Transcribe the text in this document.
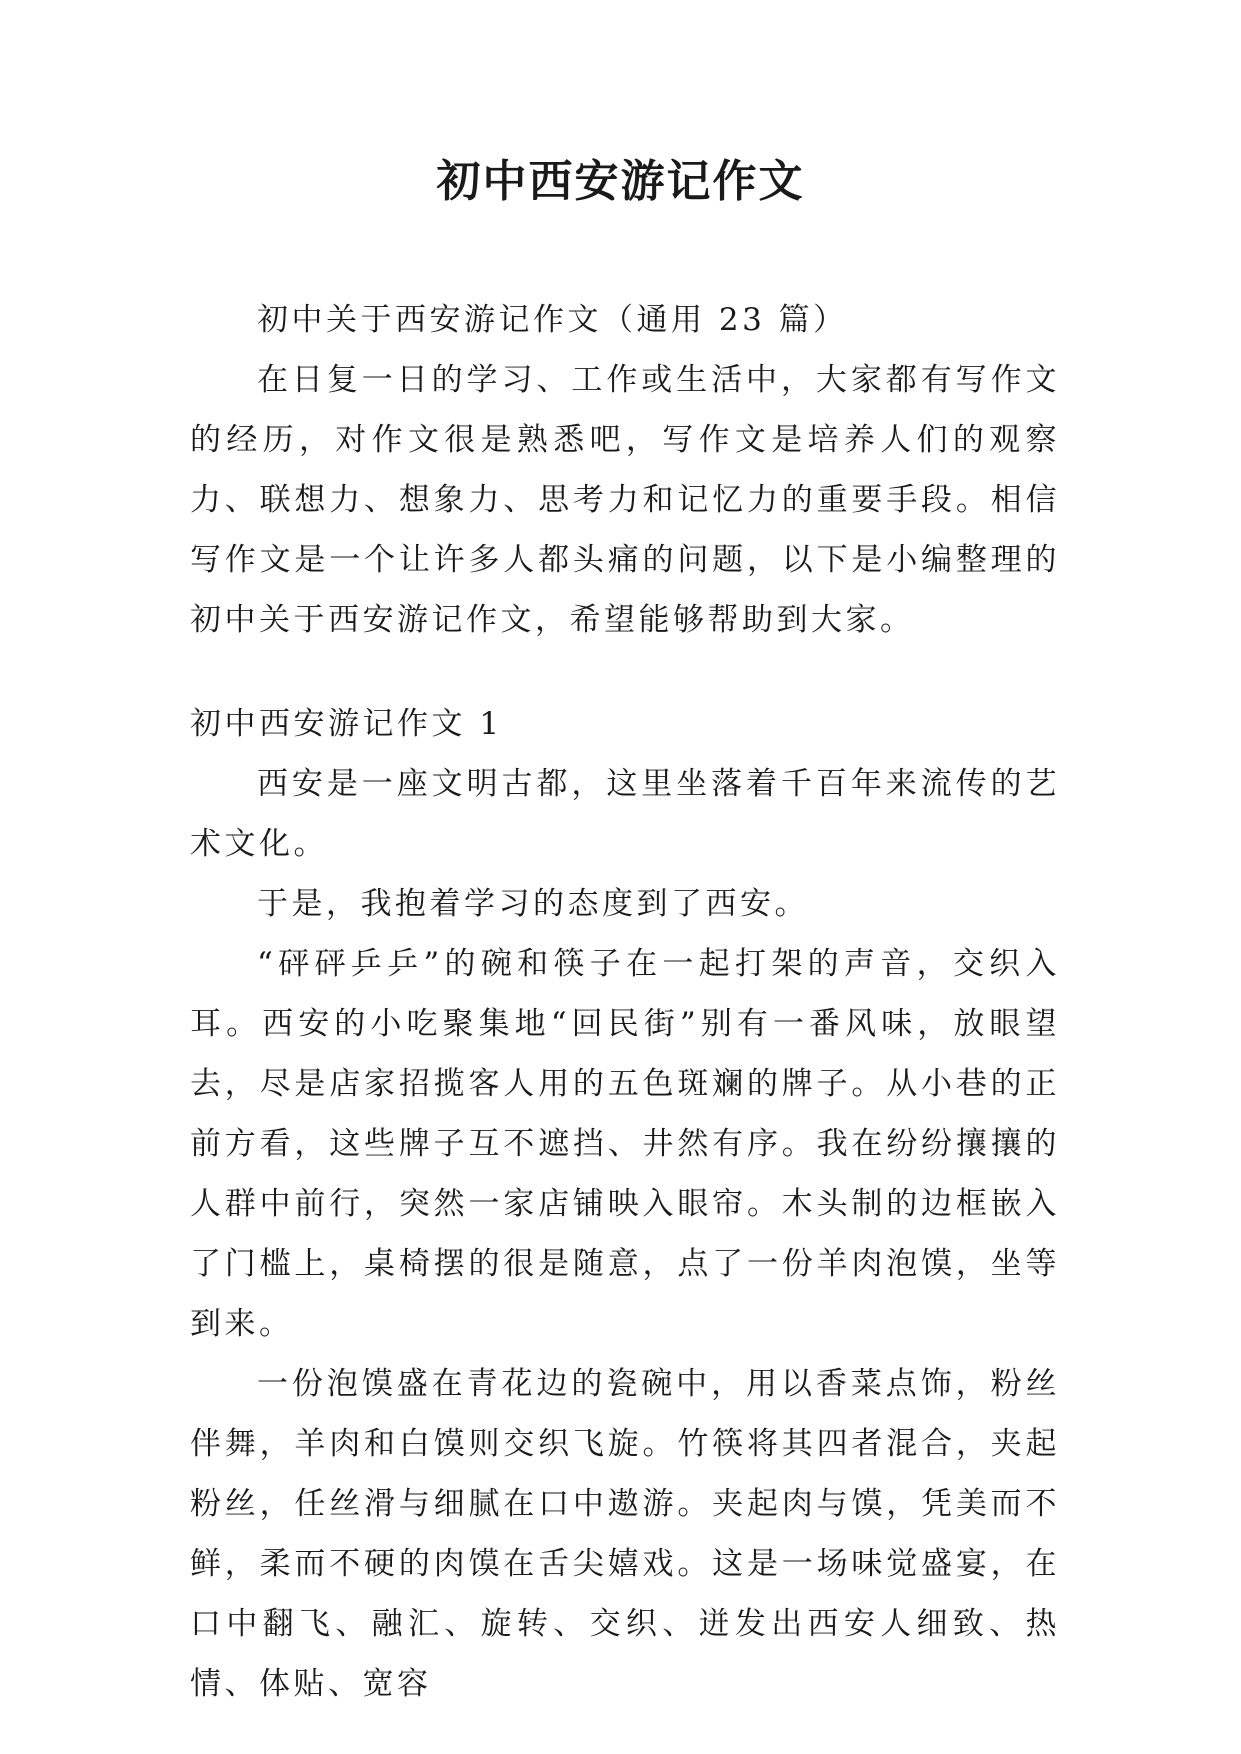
初中西安游记作文

初中关于西安游记作文（通用 23 篇）

在日复一日的学习、工作或生活中，大家都有写作文的经历，对作文很是熟悉吧，写作文是培养人们的观察力、联想力、想象力、思考力和记忆力的重要手段。相信写作文是一个让许多人都头痛的问题，以下是小编整理的初中关于西安游记作文，希望能够帮助到大家。

初中西安游记作文 1

西安是一座文明古都，这里坐落着千百年来流传的艺术文化。

于是，我抱着学习的态度到了西安。

“砰砰乒乒”的碗和筷子在一起打架的声音，交织入耳。西安的小吃聚集地“回民街”别有一番风味，放眼望去，尽是店家招揽客人用的五色斑斓的牌子。从小巷的正前方看，这些牌子互不遮挡、井然有序。我在纷纷攘攘的人群中前行，突然一家店铺映入眼帘。木头制的边框嵌入了门槛上，桌椅摆的很是随意，点了一份羊肉泡馍，坐等到来。

一份泡馍盛在青花边的瓷碗中，用以香菜点饰，粉丝伴舞，羊肉和白馍则交织飞旋。竹筷将其四者混合，夹起粉丝，任丝滑与细腻在口中遨游。夹起肉与馍，凭美而不鲜，柔而不硬的肉馍在舌尖嬉戏。这是一场味觉盛宴，在口中翻飞、融汇、旋转、交织、迸发出西安人细致、热情、体贴、宽容
